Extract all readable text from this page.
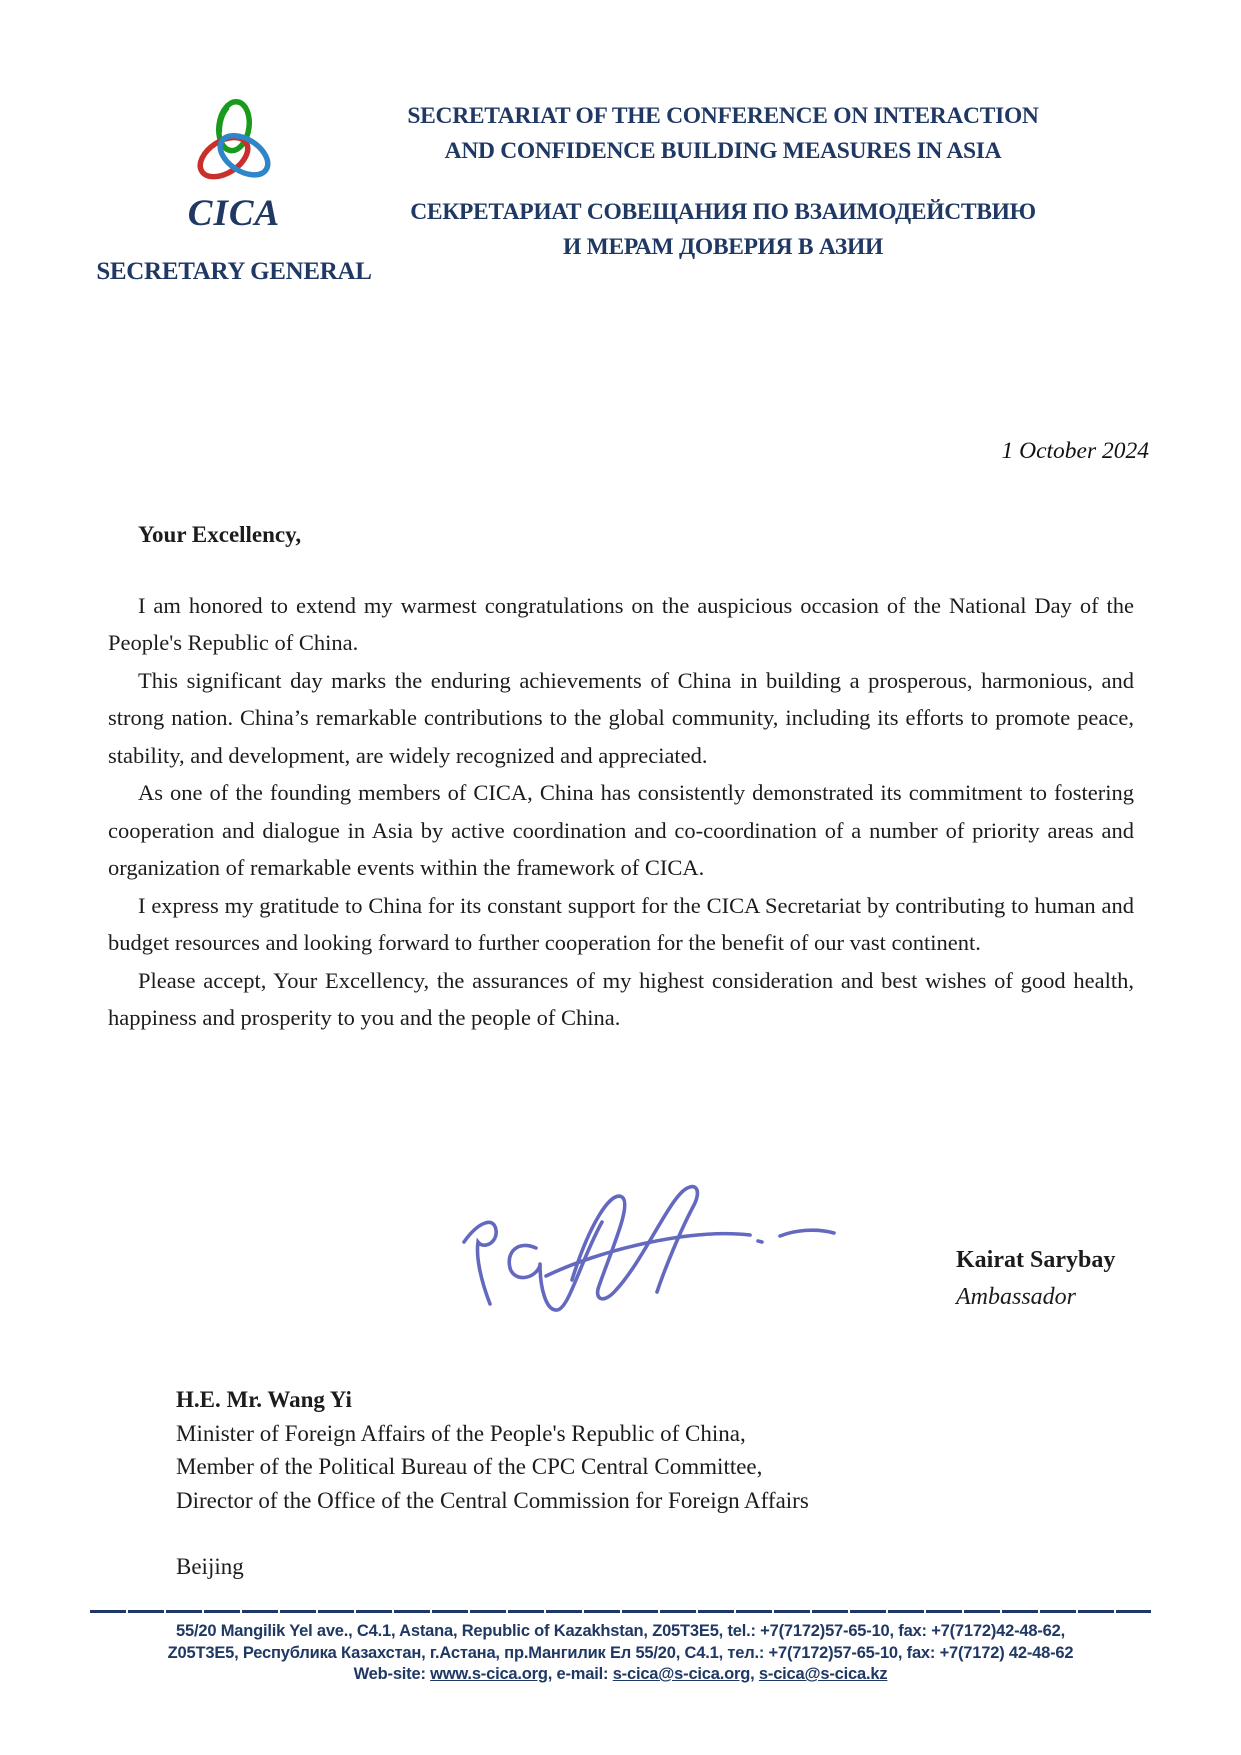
CICA
SECRETARY GENERAL
SECRETARIAT OF THE CONFERENCE ON INTERACTION
AND CONFIDENCE BUILDING MEASURES IN ASIA
СЕКРЕТАРИАТ СОВЕЩАНИЯ ПО ВЗАИМОДЕЙСТВИЮ
И МЕРАМ ДОВЕРИЯ В АЗИИ
1 October 2024

Your Excellency,

I am honored to extend my warmest congratulations on the auspicious occasion of the National Day of the People's Republic of China.

This significant day marks the enduring achievements of China in building a prosperous, harmonious, and strong nation. China’s remarkable contributions to the global community, including its efforts to promote peace, stability, and development, are widely recognized and appreciated.

As one of the founding members of CICA, China has consistently demonstrated its commitment to fostering cooperation and dialogue in Asia by active coordination and co-coordination of a number of priority areas and organization of remarkable events within the framework of CICA.

I express my gratitude to China for its constant support for the CICA Secretariat by contributing to human and budget resources and looking forward to further cooperation for the benefit of our vast continent.

Please accept, Your Excellency, the assurances of my highest consideration and best wishes of good health, happiness and prosperity to you and the people of China.

Kairat Sarybay
Ambassador
H.E. Mr. Wang Yi
Minister of Foreign Affairs of the People's Republic of China,
Member of the Political Bureau of the CPC Central Committee,
Director of the Office of the Central Commission for Foreign Affairs
Beijing
55/20 Mangilik Yel ave., C4.1, Astana, Republic of Kazakhstan, Z05T3E5, tel.: +7(7172)57-65-10, fax: +7(7172)42-48-62,
Z05T3E5, Республика Казахстан, г.Астана, пр.Мангилик Ел 55/20, C4.1, тел.: +7(7172)57-65-10, fax: +7(7172) 42-48-62
Web-site: www.s-cica.org, e-mail: s-cica@s-cica.org, s-cica@s-cica.kz
